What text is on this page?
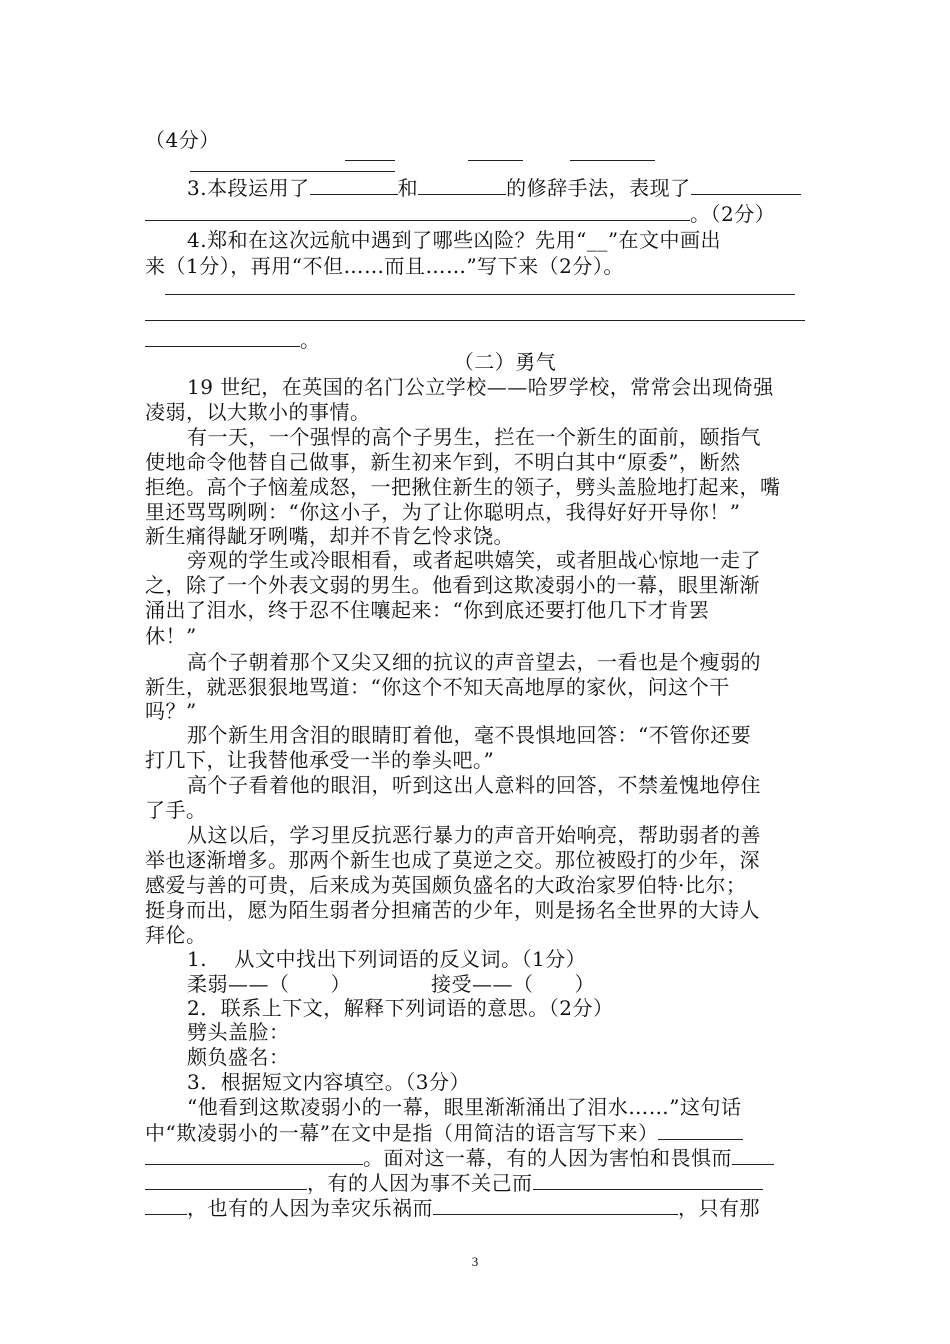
（4分）
3.本段运用了	和	的修辞手法，表现了
。（2分）
4.郑和在这次远航中遇到了哪些凶险？先用“__”在文中画出
来（1分），再用“不但……而且……”写下来（2分）。
。
（二）勇气
19 世纪，在英国的名门公立学校——哈罗学校，常常会出现倚强
凌弱，以大欺小的事情。
有一天，一个强悍的高个子男生，拦在一个新生的面前，颐指气
使地命令他替自己做事，新生初来乍到，不明白其中“原委”，断然
拒绝。高个子恼羞成怒，一把揪住新生的领子，劈头盖脸地打起来，嘴
里还骂骂咧咧：“你这小子，为了让你聪明点，我得好好开导你！”
新生痛得龇牙咧嘴，却并不肯乞怜求饶。
旁观的学生或冷眼相看，或者起哄嬉笑，或者胆战心惊地一走了
之，除了一个外表文弱的男生。他看到这欺凌弱小的一幕，眼里渐渐
涌出了泪水，终于忍不住嚷起来：“你到底还要打他几下才肯罢
休！”
高个子朝着那个又尖又细的抗议的声音望去，一看也是个瘦弱的
新生，就恶狠狠地骂道：“你这个不知天高地厚的家伙，问这个干
吗？”
那个新生用含泪的眼睛盯着他，毫不畏惧地回答：“不管你还要
打几下，让我替他承受一半的拳头吧。”
高个子看着他的眼泪，听到这出人意料的回答，不禁羞愧地停住
了手。
从这以后，学习里反抗恶行暴力的声音开始响亮，帮助弱者的善
举也逐渐增多。那两个新生也成了莫逆之交。那位被殴打的少年，深
感爱与善的可贵，后来成为英国颇负盛名的大政治家罗伯特·比尔；
挺身而出，愿为陌生弱者分担痛苦的少年，则是扬名全世界的大诗人
拜伦。
1.　 从文中找出下列词语的反义词。（1分）
柔弱——（　　）	接受——（　　）
2．联系上下文，解释下列词语的意思。（2分）
劈头盖脸：
颇负盛名：
3．根据短文内容填空。（3分）
“他看到这欺凌弱小的一幕，眼里渐渐涌出了泪水……”这句话
中“欺凌弱小的一幕”在文中是指（用简洁的语言写下来）
。面对这一幕，有的人因为害怕和畏惧而
，有的人因为事不关己而
，也有的人因为幸灾乐祸而	，只有那
3
